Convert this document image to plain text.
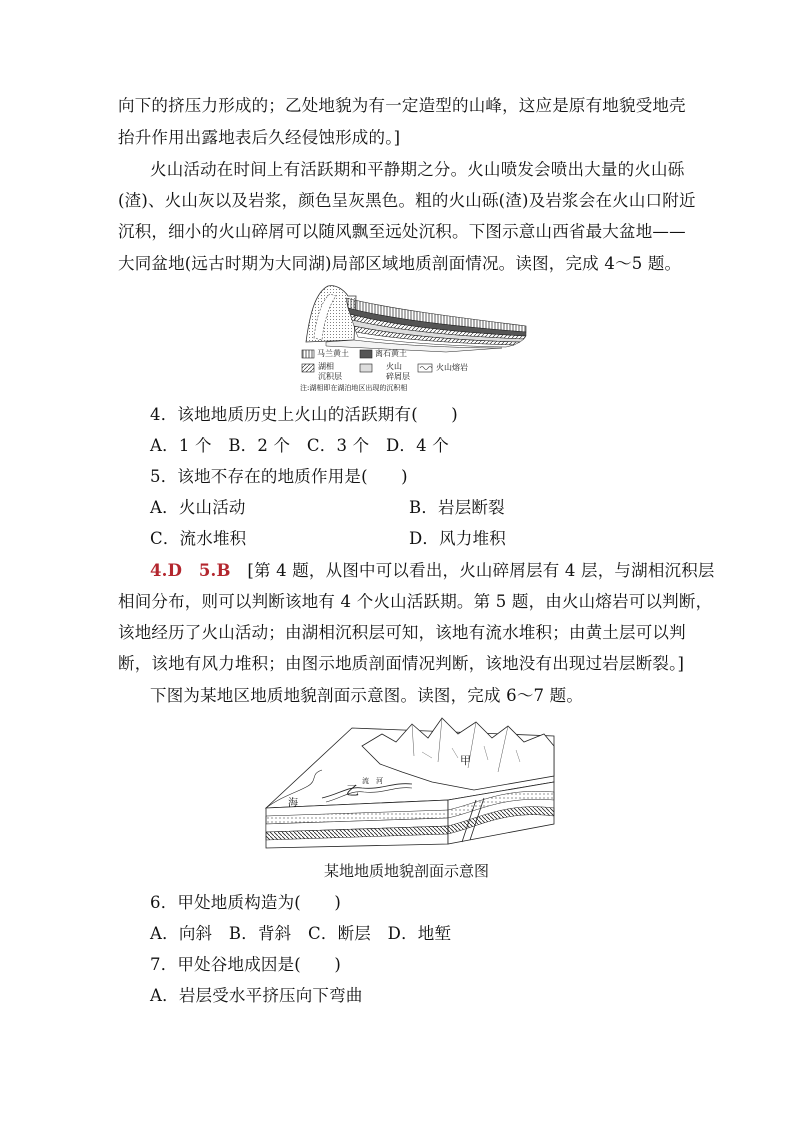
向下的挤压力形成的；乙处地貌为有一定造型的山峰，这应是原有地貌受地壳
抬升作用出露地表后久经侵蚀形成的。]
火山活动在时间上有活跃期和平静期之分。火山喷发会喷出大量的火山砾
(渣)、火山灰以及岩浆，颜色呈灰黑色。粗的火山砾(渣)及岩浆会在火山口附近
沉积，细小的火山碎屑可以随风飘至远处沉积。下图示意山西省最大盆地——
大同盆地(远古时期为大同湖)局部区域地质剖面情况。读图，完成 4～5 题。
马兰黄土	离石黄土
湖相
沉积层
火山
碎屑层
火山熔岩
注:湖相即在湖泊地区出现的沉积相
4．该地地质历史上火山的活跃期有(　　)
A．1 个　B．2 个　C．3 个　D．4 个
5．该地不存在的地质作用是(　　)
A．火山活动	B．岩层断裂
C．流水堆积	D．风力堆积
4.D　5.B　 [第 4 题，从图中可以看出，火山碎屑层有 4 层，与湖相沉积层
相间分布，则可以判断该地有 4 个火山活跃期。第 5 题，由火山熔岩可以判断，
该地经历了火山活动；由湖相沉积层可知，该地有流水堆积；由黄土层可以判
断，该地有风力堆积；由图示地质剖面情况判断，该地没有出现过岩层断裂。]
下图为某地区地质地貌剖面示意图。读图，完成 6～7 题。
甲
乙
海
流　河
某地地质地貌剖面示意图
6．甲处地质构造为(　　)
A．向斜　B．背斜　C．断层　D．地堑
7．甲处谷地成因是(　　)
A．岩层受水平挤压向下弯曲
